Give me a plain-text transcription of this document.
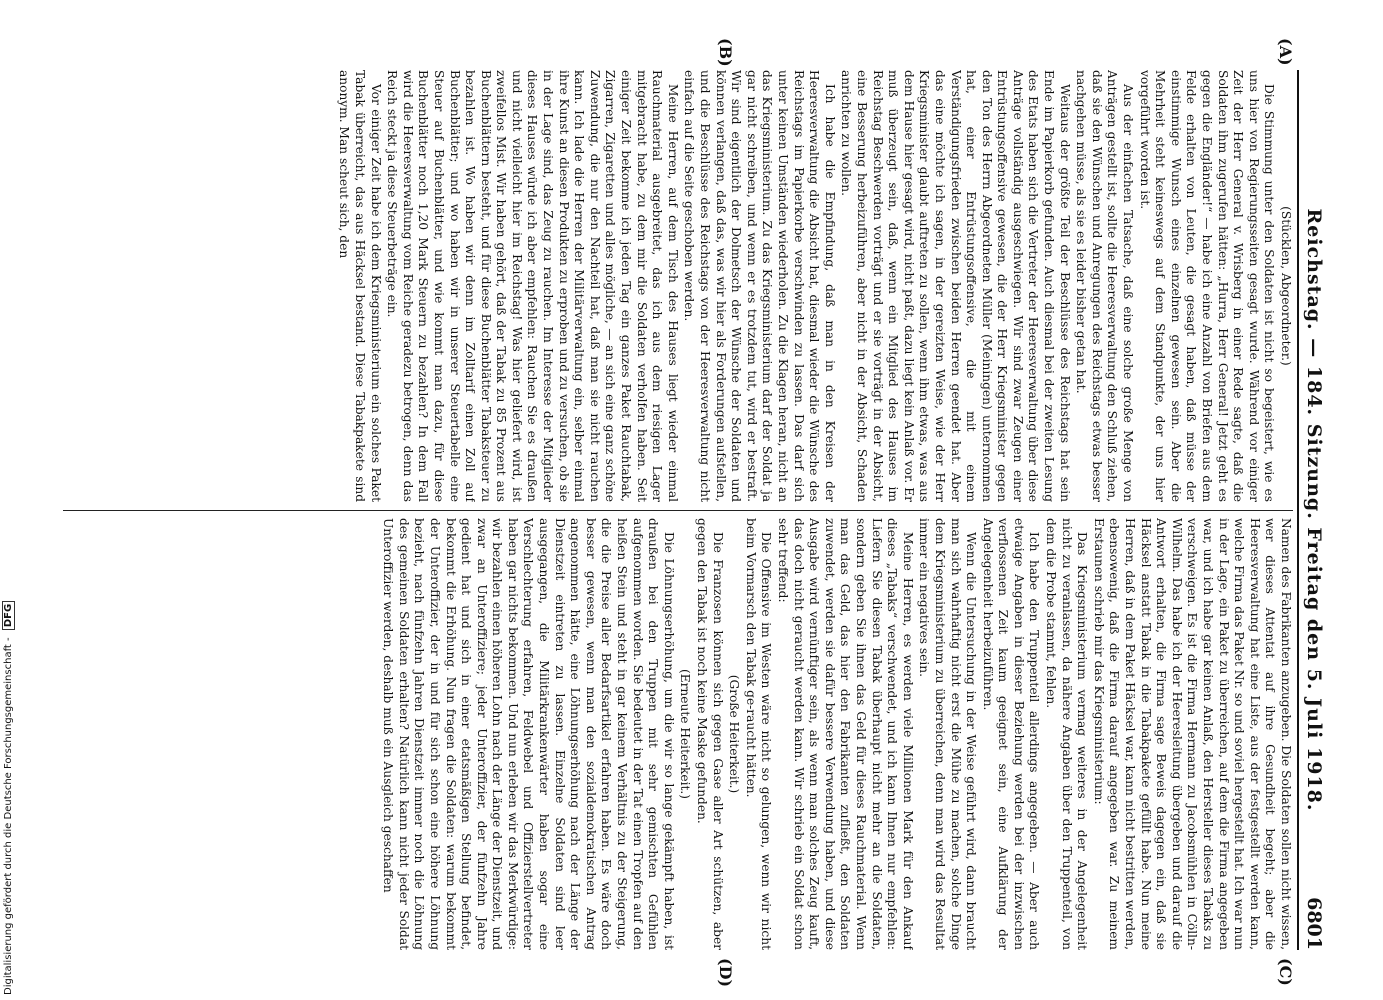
Reichstag. — 184. Sitzung. Freitag den 5. Juli 1918.
6801
(A)
(B)
(C)
(D)

(Stücklen, Abgeordneter.)

Die Stimmung unter den Soldaten ist nicht so begeistert, wie es uns hier von Regierungsseiten gesagt wurde. Während vor einiger Zeit der Herr General v. Wrisberg in einer Rede sagte, daß die Soldaten ihm zugerufen hätten: „Hurra, Herr General! Jetzt geht es gegen die Engländer!“ — habe ich eine Anzahl von Briefen aus dem Felde erhalten von Leuten, die gesagt haben, daß müsse der einstimmige Wunsch eines einzelnen gewesen sein. Aber die Mehrheit steht keineswegs auf dem Standpunkte, der uns hier vorgeführt worden ist.

Aus der einfachen Tatsache, daß eine solche große Menge von Anträgen gestellt ist, sollte die Heeresverwaltung den Schluß ziehen, daß sie den Wünschen und Anregungen des Reichstags etwas besser nachgehen müsse, als sie es leider bisher getan hat.

Weitaus der größte Teil der Beschlüsse des Reichstags hat sein Ende im Papierkorb gefunden. Auch diesmal bei der zweiten Lesung des Etats haben sich die Vertreter der Heeresverwaltung über diese Anträge vollständig ausgeschwiegen. Wir sind zwar Zeugen einer Entrüstungsoffensive gewesen, die der Herr Kriegsminister gegen den Ton des Herrn Abgeordneten Müller (Meiningen) unternommen hat, einer Entrüstungsoffensive, die mit einem Verständigungsfrieden zwischen beiden Herren geendet hat. Aber das eine möchte ich sagen, in der gereizten Weise, wie der Herr Kriegsminister glaubt auftreten zu sollen, wenn ihm etwas, was aus dem Hause hier gesagt wird, nicht paßt, dazu liegt kein Anlaß vor. Er muß überzeugt sein, daß, wenn ein Mitglied des Hauses im Reichstag Beschwerden vorträgt und er sie vorträgt in der Absicht, eine Besserung herbeizuführen, aber nicht in der Absicht, Schaden anrichten zu wollen.

Ich habe die Empfindung, daß man in den Kreisen der Heeresverwaltung die Absicht hat, diesmal wieder die Wünsche des Reichstags im Papierkorbe verschwinden zu lassen. Das darf sich unter keinen Umständen wiederholen. Zu die Klagen heran, nicht an das Kriegsministerium. Zu das Kriegsministerium darf der Soldat ja gar nicht schreiben, und wenn er es trotzdem tut, wird er bestraft. Wir sind eigentlich der Dolmetsch der Wünsche der Soldaten und können verlangen, daß das, was wir hier als Forderungen aufstellen, und die Beschlüsse des Reichstags von der Heeresverwaltung nicht einfach auf die Seite geschoben werden.

Meine Herren, auf dem Tisch des Hauses liegt wieder einmal Rauchmaterial ausgebreitet, das ich aus dem riesigen Lager mitgebracht habe, zu dem mir die Soldaten verholfen haben. Seit einiger Zeit bekomme ich jeden Tag ein ganzes Paket Rauchtabak, Zigarren, Zigaretten und alles mögliche, — an sich eine ganz schöne Zuwendung, die nur den Nachteil hat, daß man sie nicht rauchen kann. Ich lade die Herren der Militärverwaltung ein, selber einmal ihre Kunst an diesen Produkten zu erproben und zu versuchen, ob sie in der Lage sind, das Zeug zu rauchen. Im Interesse der Mitglieder dieses Hauses würde ich aber empfehlen: Rauchen Sie es draußen und nicht vielleicht hier im Reichstag! Was hier geliefert wird, ist zweifellos Mist. Wir haben gehört, daß der Tabak zu 85 Prozent aus Buchenblättern besteht, und für diese Buchenblätter Tabaksteuer zu bezahlen ist. Wo haben wir denn im Zolltarif einen Zoll auf Buchenblätter; und wo haben wir in unserer Steuertabelle eine Steuer auf Buchenblätter, und wie kommt man dazu, für diese Buchenblätter noch 1,20 Mark Steuern zu bezahlen? In dem Fall wird die Heeresverwaltung vom Reiche geradezu betrogen, denn das Reich steckt ja diese Steuerbeträge ein.

Vor einiger Zeit habe ich dem Kriegsministerium ein solches Paket Tabak überreicht, das aus Häcksel bestand. Diese Tabakpakete sind anonym. Man scheut sich, den

Namen des Fabrikanten anzugeben. Die Soldaten sollen nicht wissen, wer dieses Attentat auf ihre Gesundheit begeht; aber die Heeresverwaltung hat eine Liste, aus der festgestellt werden kann, welche Firma das Paket Nr. so und soviel hergestellt hat. Ich war nun in der Lage, ein Paket zu überreichen, auf dem die Firma angegeben war, und ich habe gar keinen Anlaß, den Hersteller dieses Tabaks zu verschweigen. Es ist die Firma Hermann zu Jacobsmühlen in Cölln-Wilhelm. Das habe ich der Heeresleitung übergeben und darauf die Antwort erhalten, die Firma sage Beweis dagegen ein, daß sie Häcksel anstatt Tabak in die Tabakpakete gefüllt habe. Nun meine Herren, daß in dem Paket Häcksel war, kann nicht bestritten werden, ebensowenig, daß die Firma darauf angegeben war. Zu meinem Erstaunen schrieb mir das Kriegsministerium:

Das Kriegsministerium vermag weiteres in der Angelegenheit nicht zu veranlassen, da nähere Angaben über den Truppenteil, von dem die Probe stammt, fehlen.

Ich habe den Truppenteil allerdings angegeben. — Aber auch etwaige Angaben in dieser Beziehung werden bei der inzwischen verflossenen Zeit kaum geeignet sein, eine Aufklärung der Angelegenheit herbeizuführen.

Wenn die Untersuchung in der Weise geführt wird, dann braucht man sich wahrhaftig nicht erst die Mühe zu machen, solche Dinge dem Kriegsministerium zu überreichen, denn man wird das Resultat immer ein negatives sein.

Meine Herren, es werden viele Millionen Mark für den Ankauf dieses „Tabaks“ verschwendet, und ich kann Ihnen nur empfehlen: Liefern Sie diesen Tabak überhaupt nicht mehr an die Soldaten, sondern geben Sie ihnen das Geld für dieses Rauchmaterial. Wenn man das Geld, das hier den Fabrikanten zufließt, den Soldaten zuwendet, werden sie dafür bessere Verwendung haben, und diese Ausgabe wird vernünftiger sein, als wenn man solches Zeug kauft, das doch nicht geraucht werden kann. Wir schrieb ein Soldat schon sehr treffend:

Die Offensive im Westen wäre nicht so gelungen, wenn wir nicht beim Vormarsch den Tabak ge-raucht hätten.

(Große Heiterkeit.)

Die Franzosen können sich gegen Gase aller Art schützen, aber gegen den Tabak ist noch keine Maske gefunden.

(Erneute Heiterkeit.)

Die Löhnungserhöhung, um die wir so lange gekämpft haben, ist draußen bei den Truppen mit sehr gemischten Gefühlen aufgenommen worden. Sie bedeutet in der Tat einen Tropfen auf den heißen Stein und steht in gar keinem Verhältnis zu der Steigerung, die die Preise aller Bedarfsartikel erfahren haben. Es wäre doch besser gewesen, wenn man den sozialdemokratischen Antrag angenommen hätte, eine Löhnungserhöhung nach der Länge der Dienstzeit eintreten zu lassen. Einzelne Soldaten sind leer ausgegangen, die Militärkrankenwärter haben sogar eine Verschlechterung erfahren, Feldwebel und Offizierstellvertreter haben gar nichts bekommen. Und nun erleben wir das Merkwürdige: wir bezahlen einen höheren Lohn nach der Länge der Dienstzeit, und zwar an Unteroffiziere; jeder Unteroffizier, der fünfzehn Jahre gedient hat und sich in einer etatsmäßigen Stellung befindet, bekommt die Erhöhung. Nun fragen die Soldaten: warum bekommt der Unteroffizier, der in und für sich schon eine höhere Löhnung bezieht, nach fünfzehn Jahren Dienstzeit immer noch die Löhnung des gemeinen Soldaten erhalten? Natürlich kann nicht jeder Soldat Unteroffizier werden, deshalb muß ein Ausgleich geschaffen

Digitalisierung gefördert durch die Deutsche Forschungsgemeinschaft - DFG
